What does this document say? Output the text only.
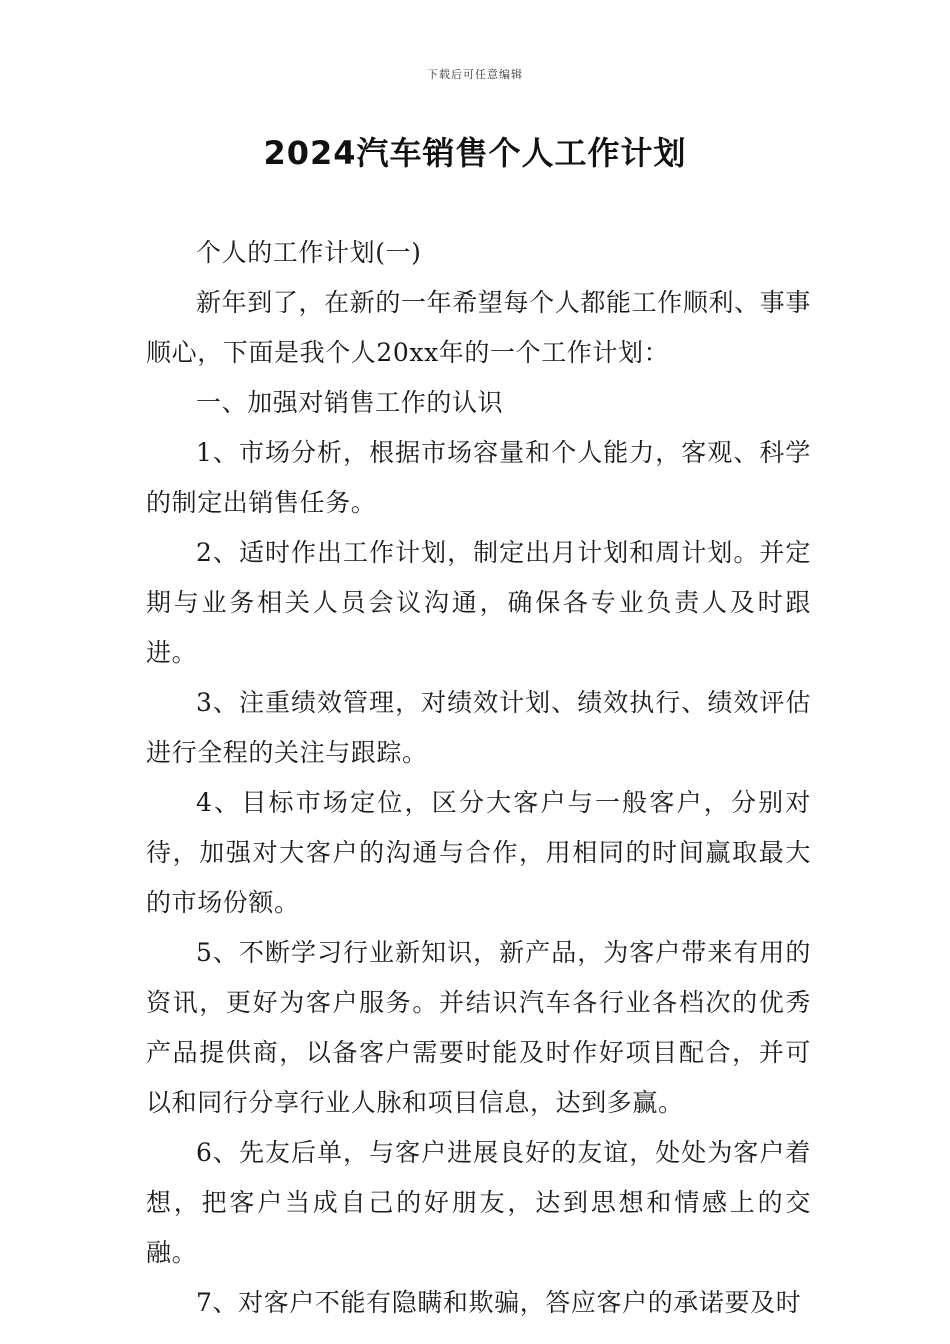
下载后可任意编辑
2024汽车销售个人工作计划

个人的工作计划(一)

新年到了，在新的一年希望每个人都能工作顺利、事事顺心，下面是我个人20xx年的一个工作计划：

一、加强对销售工作的认识

1、市场分析，根据市场容量和个人能力，客观、科学的制定出销售任务。

2、适时作出工作计划，制定出月计划和周计划。并定期与业务相关人员会议沟通，确保各专业负责人及时跟进。

3、注重绩效管理，对绩效计划、绩效执行、绩效评估进行全程的关注与跟踪。

4、目标市场定位，区分大客户与一般客户，分别对待，加强对大客户的沟通与合作，用相同的时间赢取最大的市场份额。

5、不断学习行业新知识，新产品，为客户带来有用的资讯，更好为客户服务。并结识汽车各行业各档次的优秀产品提供商，以备客户需要时能及时作好项目配合，并可以和同行分享行业人脉和项目信息，达到多赢。

6、先友后单，与客户进展良好的友谊，处处为客户着想，把客户当成自己的好朋友，达到思想和情感上的交融。

7、对客户不能有隐瞒和欺骗，答应客户的承诺要及时
